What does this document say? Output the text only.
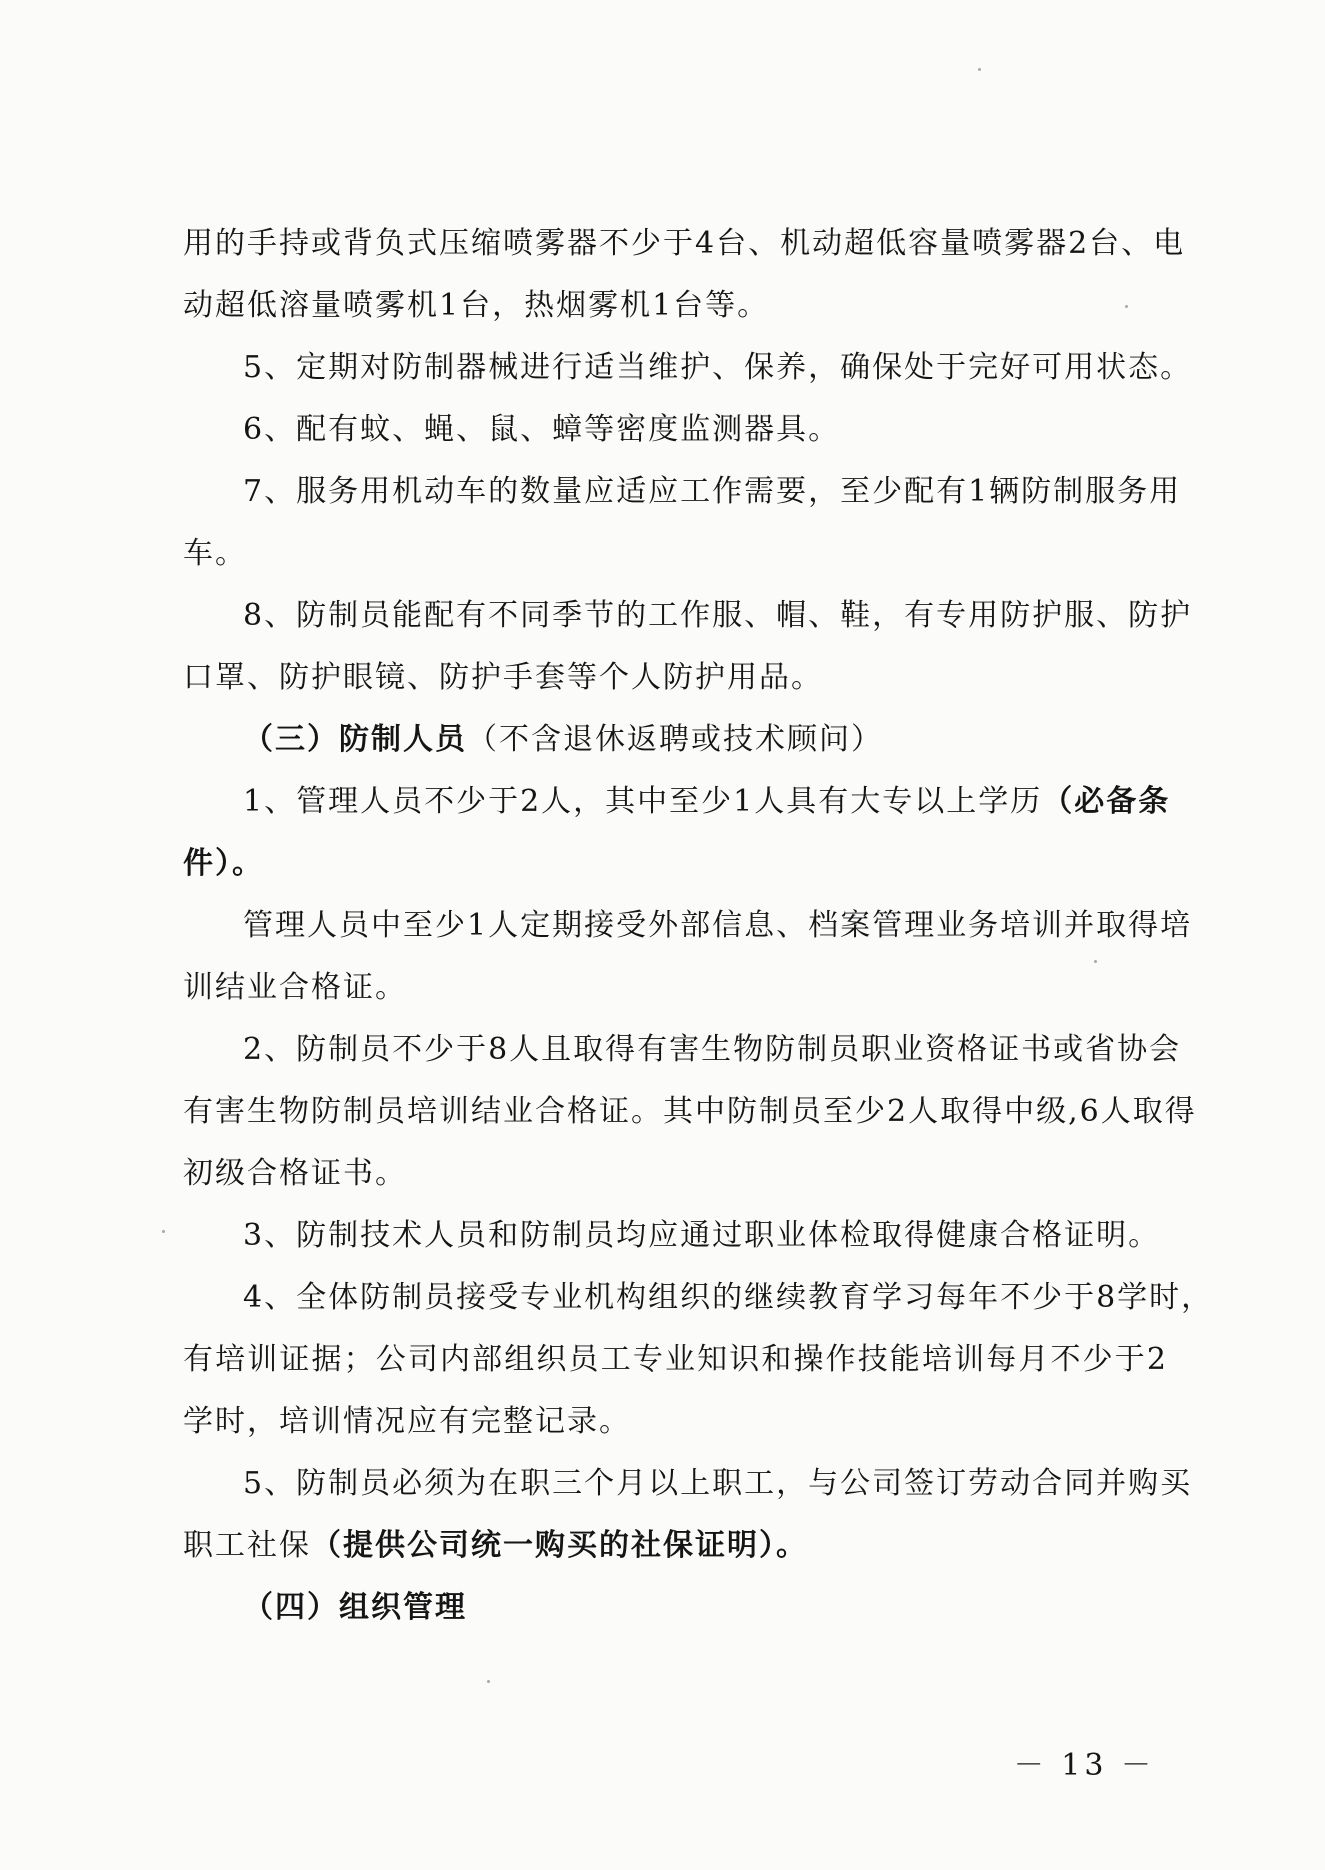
用的手持或背负式压缩喷雾器不少于4台、机动超低容量喷雾器2台、电
动超低溶量喷雾机1台，热烟雾机1台等。
5、定期对防制器械进行适当维护、保养，确保处于完好可用状态。
6、配有蚊、蝇、鼠、蟑等密度监测器具。
7、服务用机动车的数量应适应工作需要，至少配有1辆防制服务用
车。
8、防制员能配有不同季节的工作服、帽、鞋，有专用防护服、防护
口罩、防护眼镜、防护手套等个人防护用品。
（三）防制人员（不含退休返聘或技术顾问）
1、管理人员不少于2人，其中至少1人具有大专以上学历（必备条
件）。
管理人员中至少1人定期接受外部信息、档案管理业务培训并取得培
训结业合格证。
2、防制员不少于8人且取得有害生物防制员职业资格证书或省协会
有害生物防制员培训结业合格证。其中防制员至少2人取得中级,6人取得
初级合格证书。
3、防制技术人员和防制员均应通过职业体检取得健康合格证明。
4、全体防制员接受专业机构组织的继续教育学习每年不少于8学时，
有培训证据；公司内部组织员工专业知识和操作技能培训每月不少于2
学时，培训情况应有完整记录。
5、防制员必须为在职三个月以上职工，与公司签订劳动合同并购买
职工社保（提供公司统一购买的社保证明）。
（四）组织管理
－ 13 －
